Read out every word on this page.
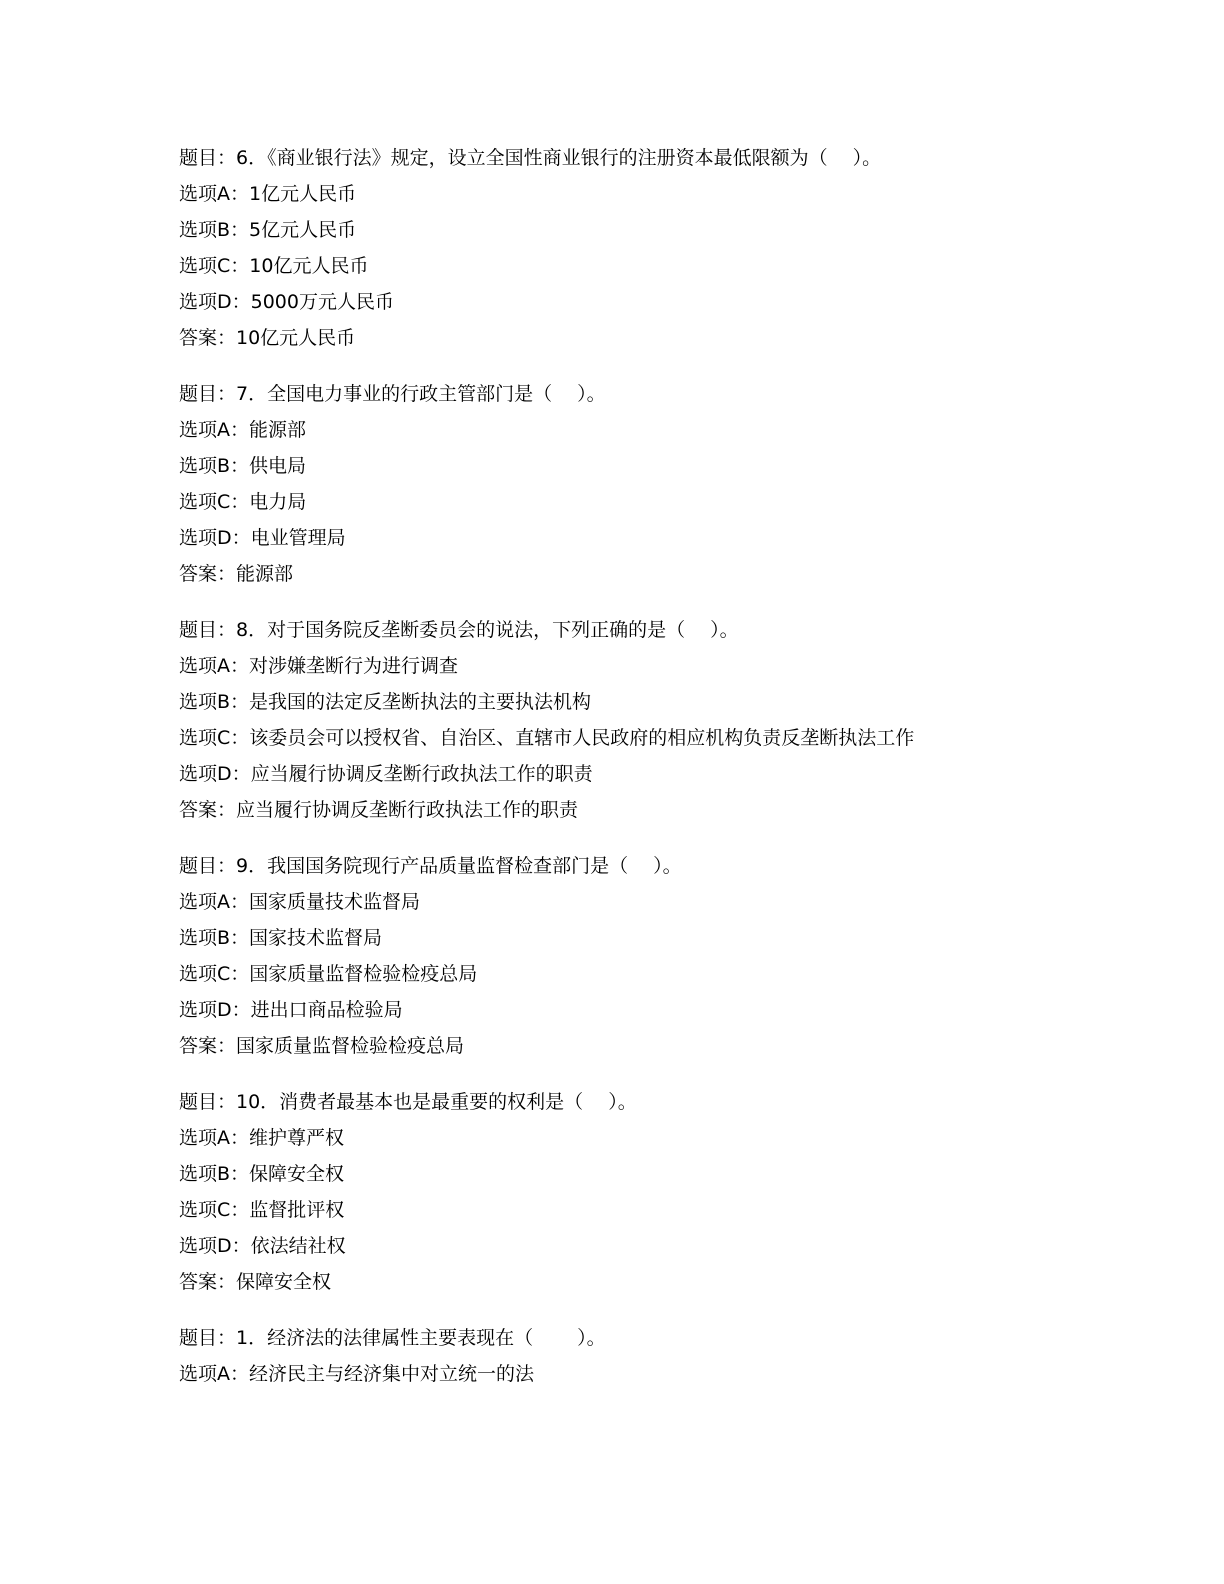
题目：6．《商业银行法》规定，设立全国性商业银行的注册资本最低限额为（　 ）。
选项A：1亿元人民币
选项B：5亿元人民币
选项C：10亿元人民币
选项D：5000万元人民币
答案：10亿元人民币
题目：7．全国电力事业的行政主管部门是（　 ）。
选项A：能源部
选项B：供电局
选项C：电力局
选项D：电业管理局
答案：能源部
题目：8．对于国务院反垄断委员会的说法，下列正确的是（　 ）。
选项A：对涉嫌垄断行为进行调查
选项B：是我国的法定反垄断执法的主要执法机构
选项C：该委员会可以授权省、自治区、直辖市人民政府的相应机构负责反垄断执法工作
选项D：应当履行协调反垄断行政执法工作的职责
答案：应当履行协调反垄断行政执法工作的职责
题目：9．我国国务院现行产品质量监督检查部门是（　 ）。
选项A：国家质量技术监督局
选项B：国家技术监督局
选项C：国家质量监督检验检疫总局
选项D：进出口商品检验局
答案：国家质量监督检验检疫总局
题目：10．消费者最基本也是最重要的权利是（　 ）。
选项A：维护尊严权
选项B：保障安全权
选项C：监督批评权
选项D：依法结社权
答案：保障安全权
题目：1．经济法的法律属性主要表现在（　　 ）。
选项A：经济民主与经济集中对立统一的法
